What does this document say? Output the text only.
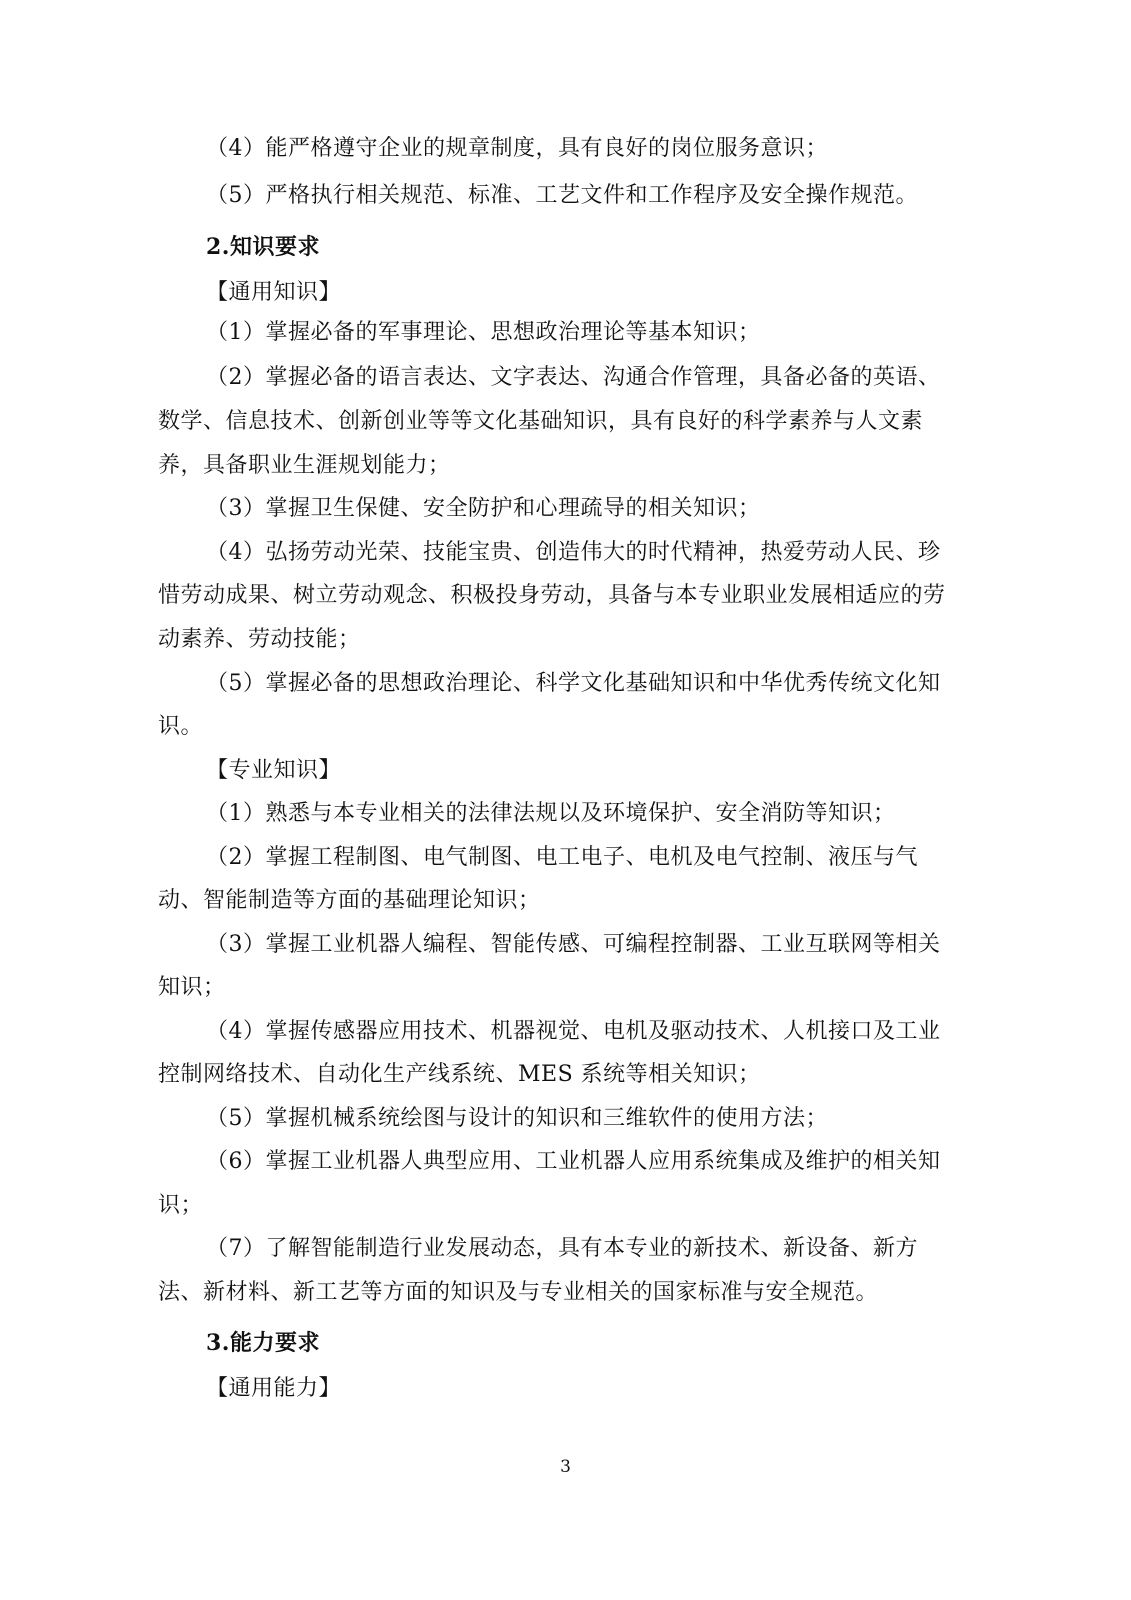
（4）能严格遵守企业的规章制度，具有良好的岗位服务意识；
（5）严格执行相关规范、标准、工艺文件和工作程序及安全操作规范。
2.知识要求
【通用知识】
（1）掌握必备的军事理论、思想政治理论等基本知识；
（2）掌握必备的语言表达、文字表达、沟通合作管理，具备必备的英语、
数学、信息技术、创新创业等等文化基础知识，具有良好的科学素养与人文素
养，具备职业生涯规划能力；
（3）掌握卫生保健、安全防护和心理疏导的相关知识；
（4）弘扬劳动光荣、技能宝贵、创造伟大的时代精神，热爱劳动人民、珍
惜劳动成果、树立劳动观念、积极投身劳动，具备与本专业职业发展相适应的劳
动素养、劳动技能；
（5）掌握必备的思想政治理论、科学文化基础知识和中华优秀传统文化知
识。
【专业知识】
（1）熟悉与本专业相关的法律法规以及环境保护、安全消防等知识；
（2）掌握工程制图、电气制图、电工电子、电机及电气控制、液压与气
动、智能制造等方面的基础理论知识；
（3）掌握工业机器人编程、智能传感、可编程控制器、工业互联网等相关
知识；
（4）掌握传感器应用技术、机器视觉、电机及驱动技术、人机接口及工业
控制网络技术、自动化生产线系统、MES 系统等相关知识；
（5）掌握机械系统绘图与设计的知识和三维软件的使用方法；
（6）掌握工业机器人典型应用、工业机器人应用系统集成及维护的相关知
识；
（7）了解智能制造行业发展动态，具有本专业的新技术、新设备、新方
法、新材料、新工艺等方面的知识及与专业相关的国家标准与安全规范。
3.能力要求
【通用能力】
3
